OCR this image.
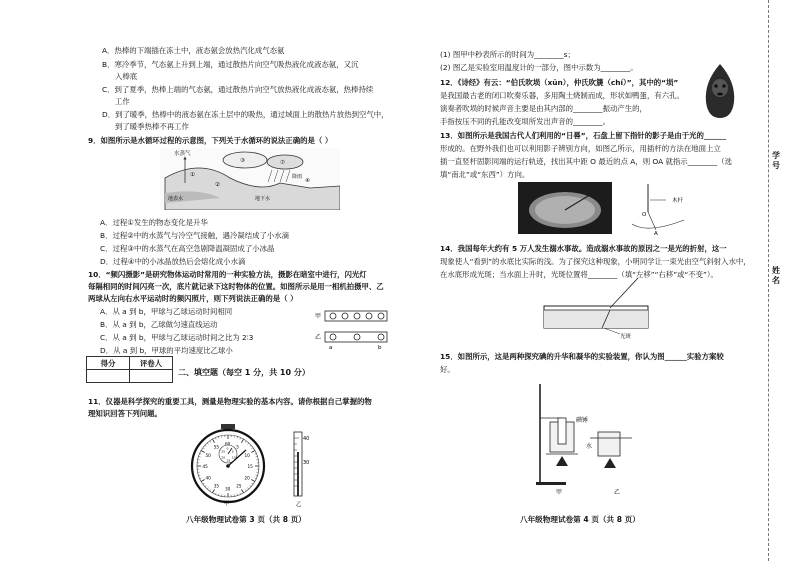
A．热棒的下端插在冻土中，液态氨会放热汽化成气态氨
B．寒冷季节，气态氨上升到上端，通过散热片向空气吸热液化成液态氨，又沉
入棒底
C．到了夏季，热棒上端的气态氨，通过散热片向空气放热液化成液态氨，热棒持续
工作
D．到了暖季，热棒中的液态氨在冻土层中的吸热，通过域面上的散热片放热到空气中，
到了暖季热棒不再工作
9．如图所示是水循环过程的示意图，下列关于水循环的说法正确的是（ ）
水蒸气
③	⑦
降雨
④
①
②
地表水	地下水
A．过程①发生的物态变化是升华
B．过程②中的水蒸气与冷空气接触，遇冷凝结成了小水滴
C．过程③中的水蒸气在高空急剧降温凝固成了小冰晶
D．过程④中的小冰晶放热后会熔化成小水滴
10．“频闪摄影”是研究物体运动时常用的一种实验方法，摄影在暗室中进行，闪光灯
每隔相同的时间闪亮一次，底片就记录下这时物体的位置。如图所示是用一相机拍摄甲、乙
两球从左向右水平运动时的频闪照片，则下列说法正确的是（ ）
A．从 a 到 b，甲球与乙球运动时间相同
B．从 a 到 b，乙球做匀速直线运动
C．从 a 到 b，甲球与乙球运动时间之比为 2∶3
D．从 a 到 b，甲球的平均速度比乙球小
甲
乙
a	b
得分	评卷人

二、填空题（每空 1 分，共 10 分）
11．仪器是科学探究的重要工具，测量是物理实验的基本内容。请你根据自己掌握的物
理知识回答下列问题。
60
5
10
15
20
25
30
35
40
45
50
55 0
5
10
15
20
25
甲
40
30
乙
八年级物理试卷第 3 页（共 8 页）
(1) 图甲中秒表所示的时间为________s；
(2) 图乙是实验室用温度计的一部分，图中示数为________。
12．《诗经》有云：“伯氏吹埙（xūn），仲氏吹篪（chí）”，其中的“埙”
是我国最古老的闭口吹奏乐器，多用陶土烧制而成，形状如鸭蛋，有六孔。
演奏者吹埙的时候声音主要是由其内部的________振动产生的，
手指按压不同的孔能改变埙所发出声音的________。
13．如图所示是我国古代人们利用的“日晷”，石盘上留下指针的影子是由于光的______
形成的。在野外我们也可以利用影子辨别方向，如图乙所示，用插杆的方法在地面上立
插一直竖杆固影同端的运行轨迹，找出其中距 O 最近的点 A，则 OA 就指示________（选
填“南北”或“东西”）方向。
木杆
O
A
14．我国每年大约有 5 万人发生溺水事故。造成溺水事故的原因之一是光的折射，这一
现象使人“看到”的水底比实际的浅。为了探究这种现象，小明同学让一束光由空气斜射入水中，
在水底形成光斑；当水面上升时，光斑位置将________（填“左移”“右移”或“不变”）。
光斑
15．如图所示，这是两种探究碘的升华和凝华的实验装置，你认为图______实验方案较
好。
碘锤
水
甲	乙
八年级物理试卷第 4 页（共 8 页）
学
号
姓
名
